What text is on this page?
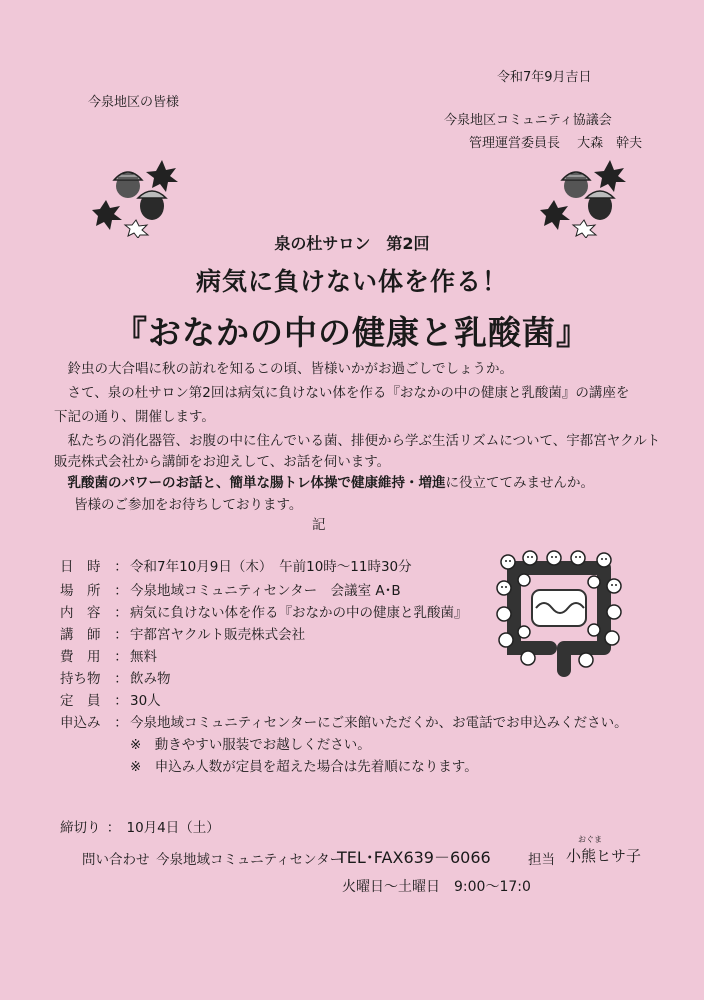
令和7年9月吉日
今泉地区の皆様
今泉地区コミュニティ協議会
管理運営委員長　 大森　幹夫
泉の杜サロン　第2回
病気に負けない体を作る！
『おなかの中の健康と乳酸菌』
　鈴虫の大合唱に秋の訪れを知るこの頃、皆様いかがお過ごしでしょうか。
　さて、泉の杜サロン第2回は病気に負けない体を作る『おなかの中の健康と乳酸菌』の講座を
下記の通り、開催します。
　私たちの消化器管、お腹の中に住んでいる菌、排便から学ぶ生活リズムについて、宇都宮ヤクルト
販売株式会社から講師をお迎えして、お話を伺います。
　乳酸菌のパワーのお話と、簡単な腸トレ体操で健康維持・増進に役立ててみませんか。
皆様のご参加をお待ちしております。
記
日　時 ： 令和7年10月9日（木）　午前10時〜11時30分
場　所 ： 今泉地域コミュニティセンター　会議室 A･B
内　容 ： 病気に負けない体を作る『おなかの中の健康と乳酸菌』
講　師 ： 宇都宮ヤクルト販売株式会社
費　用 ： 無料
持ち物 ： 飲み物
定　員 ： 30人
申込み ： 今泉地域コミュニティセンターにご来館いただくか、お電話でお申込みください。
※　動きやすい服装でお越しください。
※　申込み人数が定員を超えた場合は先着順になります。
締切り ： 10月4日（土）
問い合わせ 今泉地域コミュニティセンター
TEL･FAX639－6066	担当
おぐま
小熊ヒサ子
火曜日〜土曜日　9:00〜17:0
